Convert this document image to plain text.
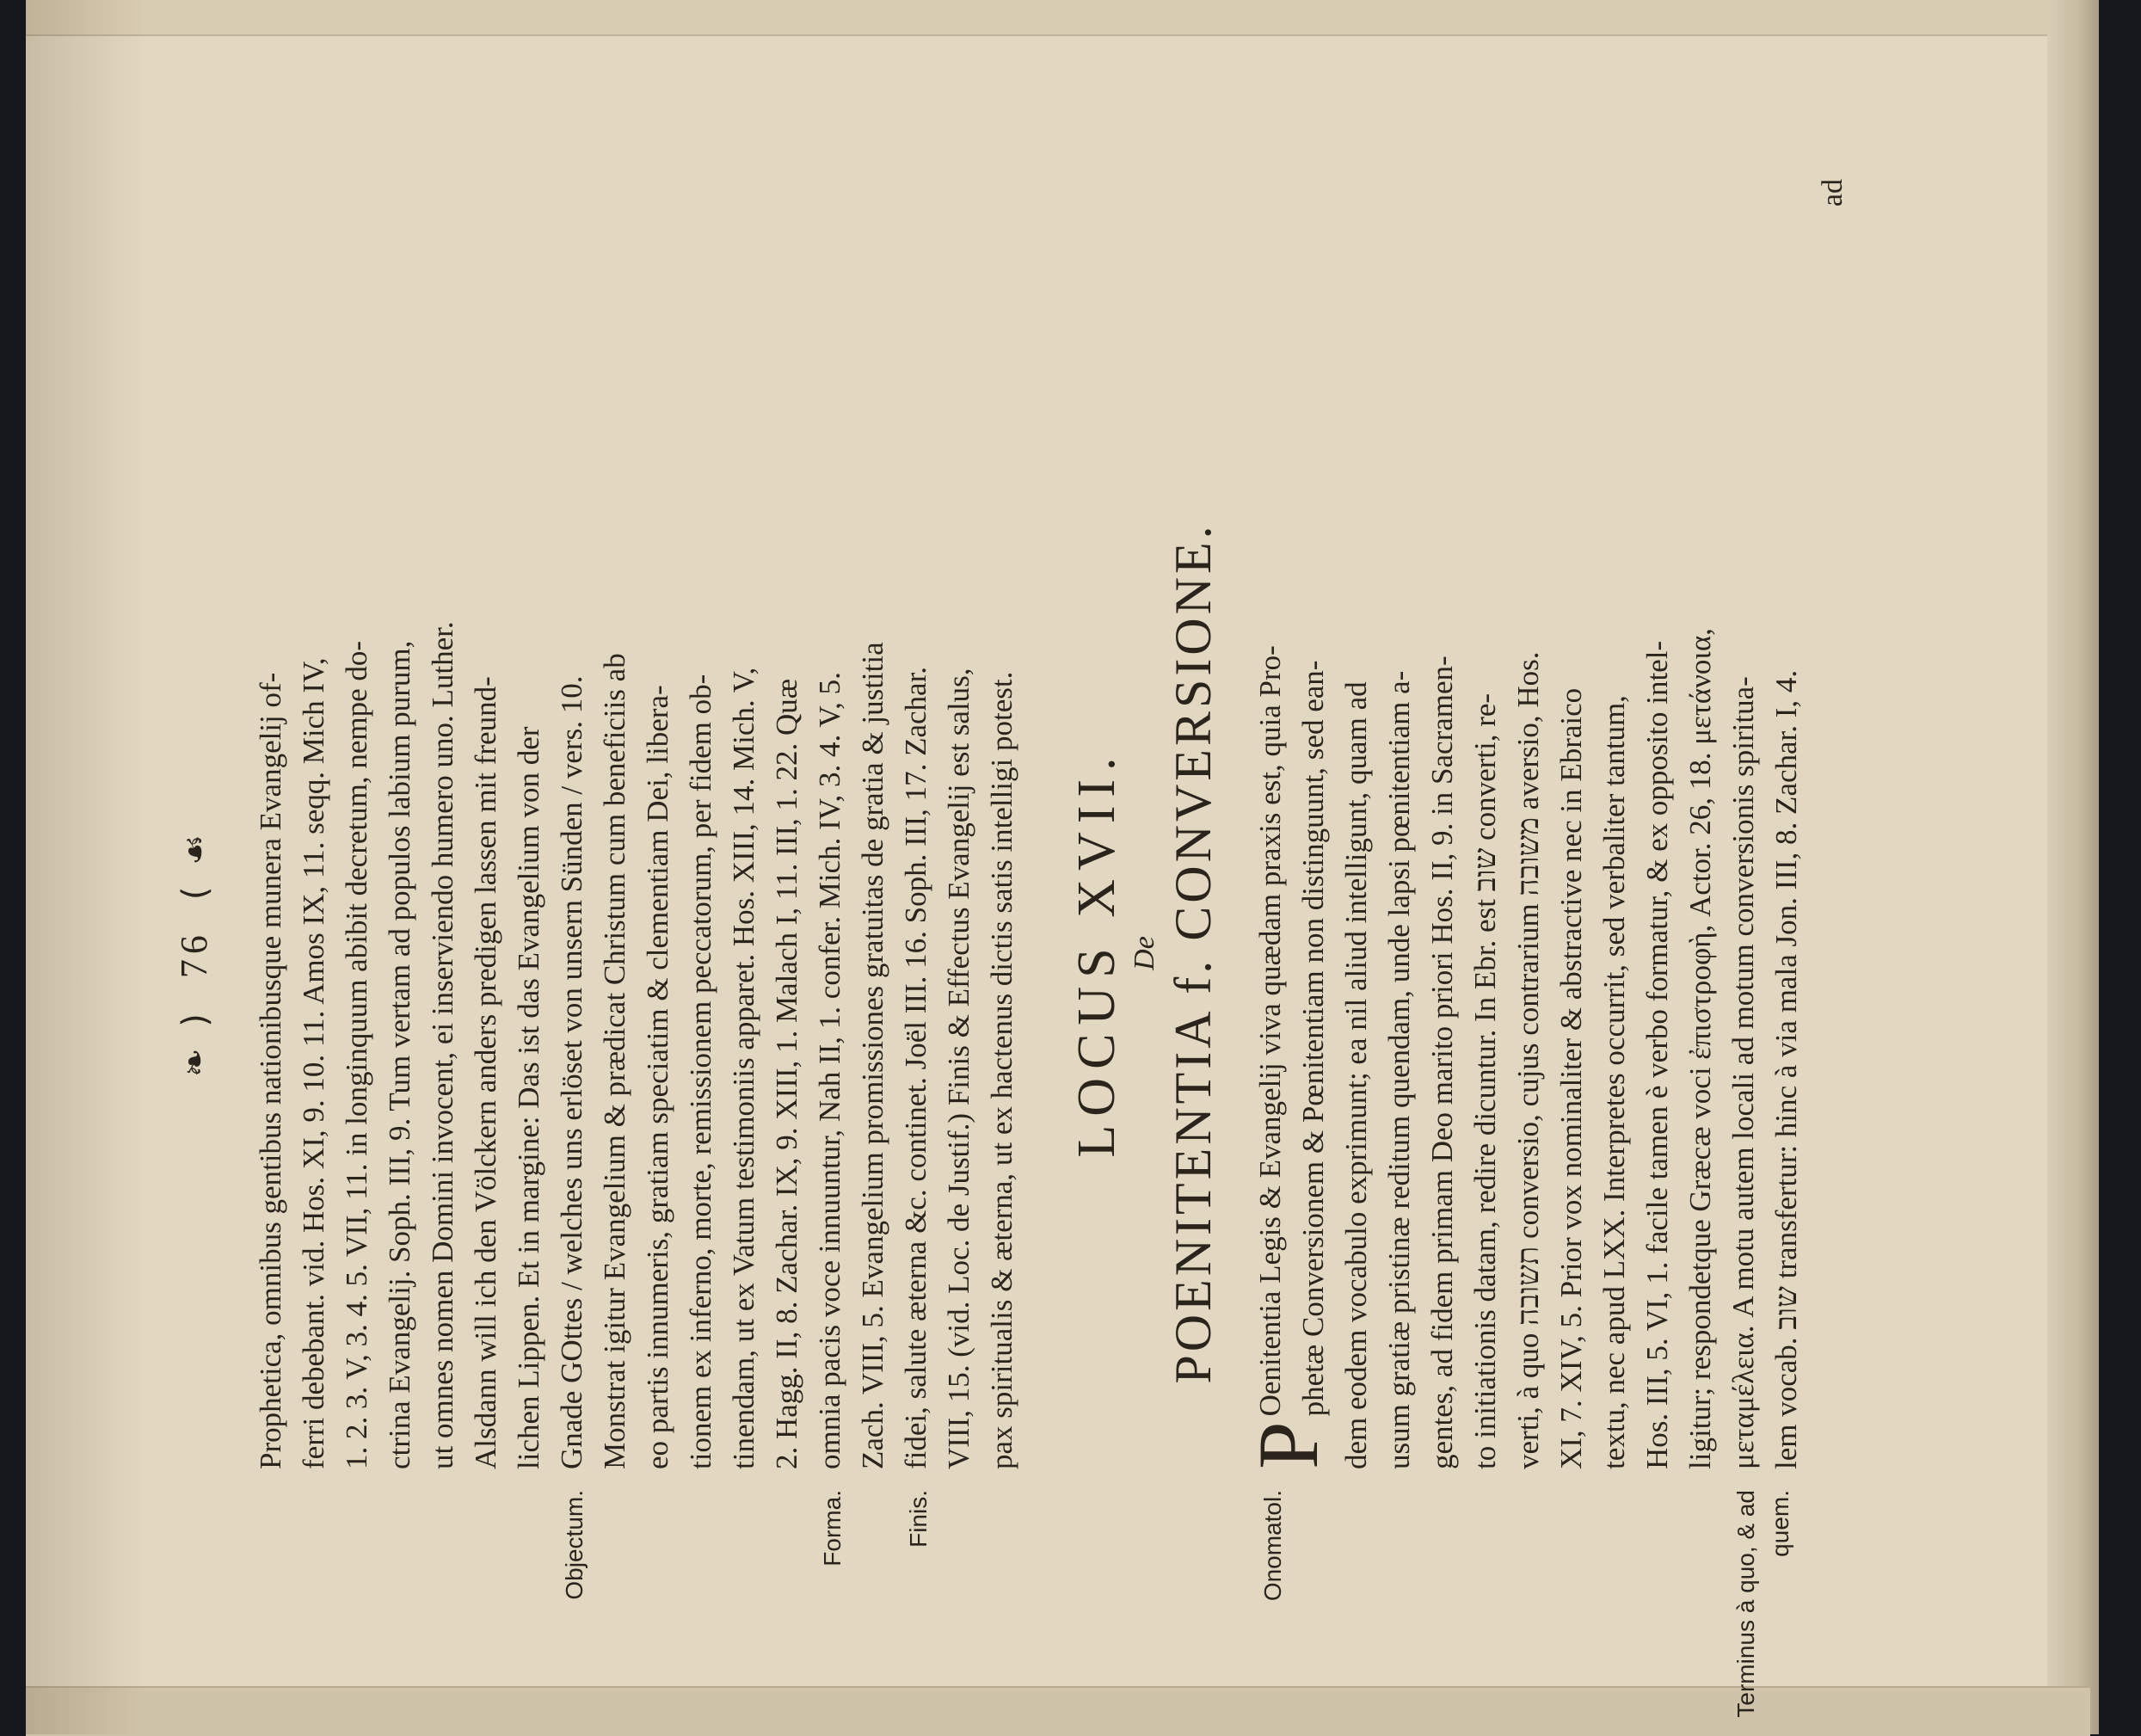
❧ ) 76 ( ☙ Prophetica, omnibus gentibus nationibusque munera Evangelij of- ferri debebant. vid. Hos. XI, 9. 10. 11. Amos IX, 11. seqq. Mich IV, 1. 2. 3. V, 3. 4. 5. VII, 11. in longinquum abibit decretum, nempe do- ctrina Evangelij. Soph. III, 9. Tum vertam ad populos labium purum, ut omnes nomen Domini invocent, ei inserviendo humero uno. Luther. Alsdann will ich den Völckern anders predigen lassen mit freund- lichen Lippen. Et in margine: Das ist das Evangelium von der

Objectum.

Gnade GOttes / welches uns erlöset von unsern Sünden / vers. 10. Monstrat igitur Evangelium & prædicat Christum cum beneficiis ab eo partis innumeris, gratiam speciatim & clementiam Dei, libera- tionem ex inferno, morte, remissionem peccatorum, per fidem ob- tinendam, ut ex Vatum testimoniis apparet. Hos. XIII, 14. Mich. V, 2. Hagg. II, 8. Zachar. IX, 9. XIII, 1. Malach I, 11. III, 1. 22. Quæ

Forma.

omnia pacis voce innuuntur, Nah II, 1. confer. Mich. IV, 3. 4. V, 5. Zach. VIII, 5. Evangelium promissiones gratuitas de gratia & justitia

Finis.

fidei, salute æterna &c. continet. Joël III. 16. Soph. III, 17. Zachar. VIII, 15. (vid. Loc. de Justif.) Finis & Effectus Evangelij est salus, pax spiritualis & æterna, ut ex hactenus dictis satis intelligi potest. LOCUS XVII. De POENITENTIA f. CONVERSIONE.
Onomatol.

P
Oenitentia Legis & Evangelij viva quædam praxis est, quia Pro- phetæ Conversionem & Pœnitentiam non distinguunt, sed ean- dem eodem vocabulo exprimunt; ea nil aliud intelligunt, quam ad usum gratiæ pristinæ reditum quendam, unde lapsi pœnitentiam a- gentes, ad fidem primam Deo marito priori Hos. II, 9. in Sacramen- to initiationis datam, redire dicuntur. In Ebr. est שוב converti, re-

verti, à quo תשובה conversio, cujus contrarium משובה aversio, Hos. XI, 7. XIV, 5. Prior vox nominaliter & abstractive nec in Ebraico textu, nec apud LXX. Interpretes occurrit, sed verbaliter tantum, Hos. III, 5. VI, 1. facile tamen è verbo formatur, & ex opposito intel- ligitur; respondetque Græcæ voci ἐπιστροφὴ, Actor. 26, 18. μετάνοια,

Terminus à quo, & ad quem.

μεταμέλεια. A motu autem locali ad motum conversionis spiritua- lem vocab. שוב transfertur: hinc à via mala Jon. III, 8. Zachar. I, 4.

ad
